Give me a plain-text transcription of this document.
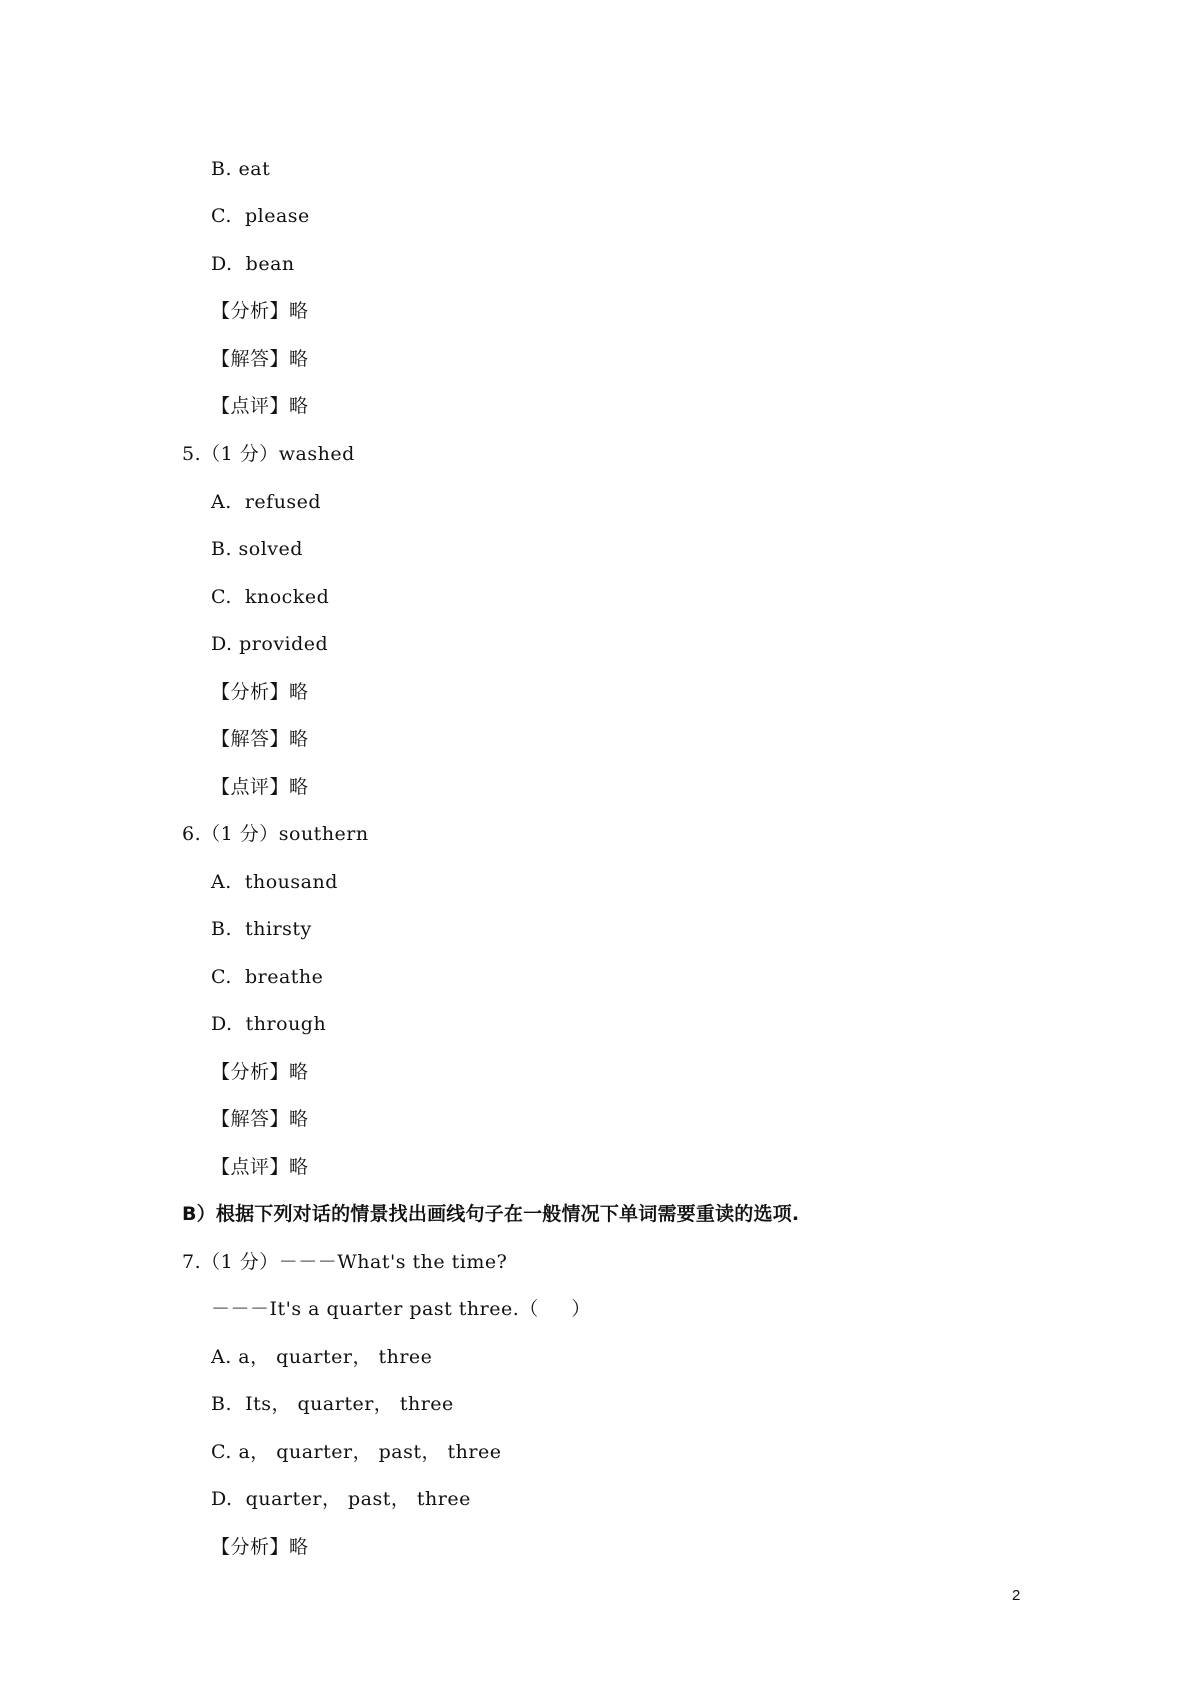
B. eat
C.  please
D.  bean
【分析】略
【解答】略
【点评】略
5.（1 分）washed
A.  refused
B. solved
C.  knocked
D. provided
【分析】略
【解答】略
【点评】略
6.（1 分）southern
A.  thousand
B.  thirsty
C.  breathe
D.  through
【分析】略
【解答】略
【点评】略
B）根据下列对话的情景找出画线句子在一般情况下单词需要重读的选项.
7.（1 分）－－－What's the time?
－－－It's a quarter past three.（     ）
A. a， quarter， three
B.  Its， quarter， three
C. a， quarter， past， three
D.  quarter， past， three
【分析】略
2
